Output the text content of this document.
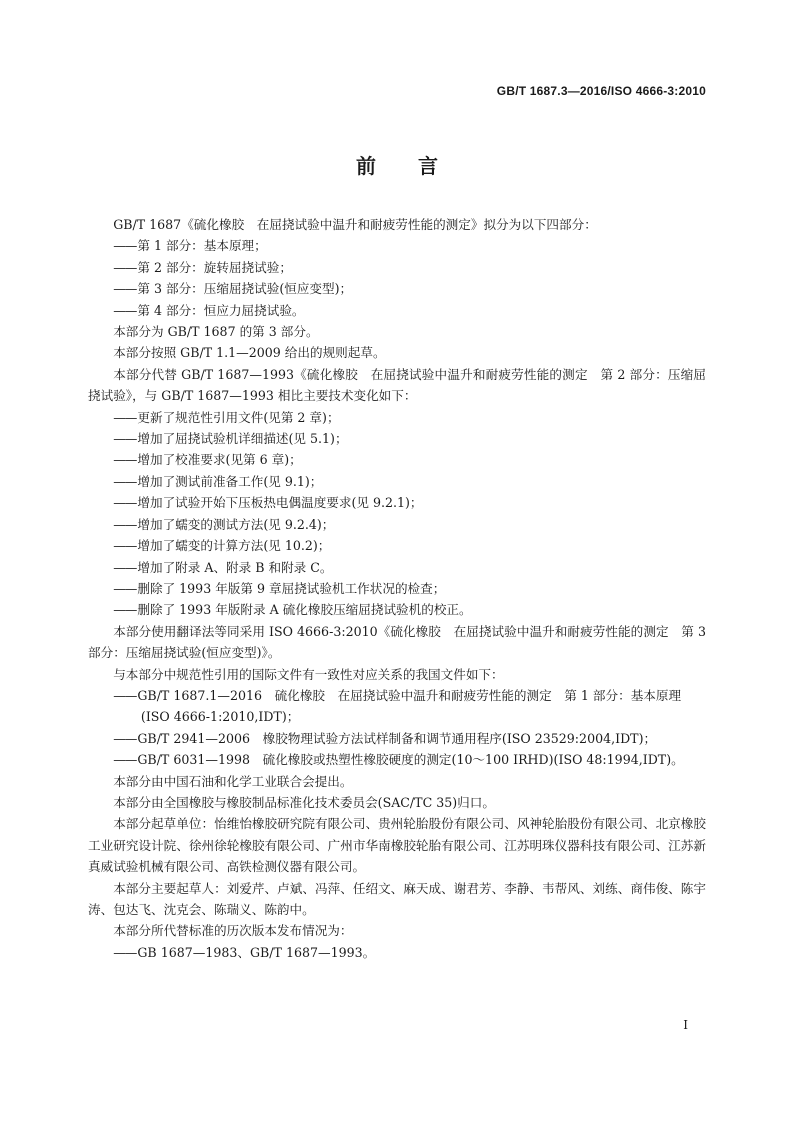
GB/T 1687.3—2016/ISO 4666-3:2010
前言

GB/T 1687《硫化橡胶　在屈挠试验中温升和耐疲劳性能的测定》拟分为以下四部分：

——第 1 部分：基本原理；

——第 2 部分：旋转屈挠试验；

——第 3 部分：压缩屈挠试验(恒应变型)；

——第 4 部分：恒应力屈挠试验。

本部分为 GB/T 1687 的第 3 部分。

本部分按照 GB/T 1.1—2009 给出的规则起草。

本部分代替 GB/T 1687—1993《硫化橡胶　在屈挠试验中温升和耐疲劳性能的测定　第 2 部分：压缩屈挠试验》，与 GB/T 1687—1993 相比主要技术变化如下：

——更新了规范性引用文件(见第 2 章)；

——增加了屈挠试验机详细描述(见 5.1)；

——增加了校准要求(见第 6 章)；

——增加了测试前准备工作(见 9.1)；

——增加了试验开始下压板热电偶温度要求(见 9.2.1)；

——增加了蠕变的测试方法(见 9.2.4)；

——增加了蠕变的计算方法(见 10.2)；

——增加了附录 A、附录 B 和附录 C。

——删除了 1993 年版第 9 章屈挠试验机工作状况的检查；

——删除了 1993 年版附录 A 硫化橡胶压缩屈挠试验机的校正。

本部分使用翻译法等同采用 ISO 4666-3:2010《硫化橡胶　在屈挠试验中温升和耐疲劳性能的测定　第 3 部分：压缩屈挠试验(恒应变型)》。

与本部分中规范性引用的国际文件有一致性对应关系的我国文件如下：

——GB/T 1687.1—2016　硫化橡胶　在屈挠试验中温升和耐疲劳性能的测定　第 1 部分：基本原理(ISO 4666-1:2010,IDT)；

——GB/T 2941—2006　橡胶物理试验方法试样制备和调节通用程序(ISO 23529:2004,IDT)；

——GB/T 6031—1998　硫化橡胶或热塑性橡胶硬度的测定(10～100 IRHD)(ISO 48:1994,IDT)。

本部分由中国石油和化学工业联合会提出。

本部分由全国橡胶与橡胶制品标准化技术委员会(SAC/TC 35)归口。

本部分起草单位：怡维怡橡胶研究院有限公司、贵州轮胎股份有限公司、风神轮胎股份有限公司、北京橡胶工业研究设计院、徐州徐轮橡胶有限公司、广州市华南橡胶轮胎有限公司、江苏明珠仪器科技有限公司、江苏新真威试验机械有限公司、高铁检测仪器有限公司。

本部分主要起草人：刘爱芹、卢斌、冯萍、任绍文、麻天成、谢君芳、李静、韦帮风、刘练、商伟俊、陈宇涛、包达飞、沈克会、陈瑞义、陈韵中。

本部分所代替标准的历次版本发布情况为：

——GB 1687—1983、GB/T 1687—1993。

I
